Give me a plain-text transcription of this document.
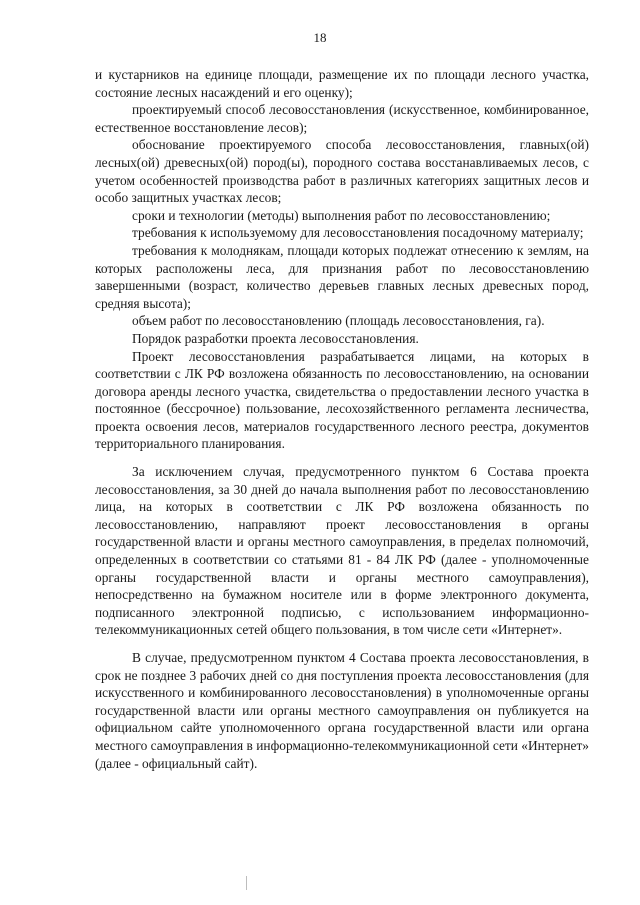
18

и кустарников на единице площади, размещение их по площади лесного участка, состояние лесных насаждений и его оценку);

проектируемый способ лесовосстановления (искусственное, комбинированное, естественное восстановление лесов);

обоснование проектируемого способа лесовосстановления, главных(ой) лесных(ой) древесных(ой) пород(ы), породного состава восстанавливаемых лесов, с учетом особенностей производства работ в различных категориях защитных лесов и особо защитных участках лесов;

сроки и технологии (методы) выполнения работ по лесовосстановлению;

требования к используемому для лесовосстановления посадочному материалу;

требования к молоднякам, площади которых подлежат отнесению к землям, на которых расположены леса, для признания работ по лесовосстановлению завершенными (возраст, количество деревьев главных лесных древесных пород, средняя высота);

объем работ по лесовосстановлению (площадь лесовосстановления, га).

Порядок разработки проекта лесовосстановления.

Проект лесовосстановления разрабатывается лицами, на которых в соответствии с ЛК РФ возложена обязанность по лесовосстановлению, на основании договора аренды лесного участка, свидетельства о предоставлении лесного участка в постоянное (бессрочное) пользование, лесохозяйственного регламента лесничества, проекта освоения лесов, материалов государственного лесного реестра, документов территориального планирования.

За исключением случая, предусмотренного пунктом 6 Состава проекта лесовосстановления, за 30 дней до начала выполнения работ по лесовосстановлению лица, на которых в соответствии с ЛК РФ возложена обязанность по лесовосстановлению, направляют проект лесовосстановления в органы государственной власти и органы местного самоуправления, в пределах полномочий, определенных в соответствии со статьями 81 - 84 ЛК РФ (далее - уполномоченные органы государственной власти и органы местного самоуправления), непосредственно на бумажном носителе или в форме электронного документа, подписанного электронной подписью, с использованием информационно-телекоммуникационных сетей общего пользования, в том числе сети «Интернет».

В случае, предусмотренном пунктом 4 Состава проекта лесовосстановления, в срок не позднее 3 рабочих дней со дня поступления проекта лесовосстановления (для искусственного и комбинированного лесовосстановления) в уполномоченные органы государственной власти или органы местного самоуправления он публикуется на официальном сайте уполномоченного органа государственной власти или органа местного самоуправления в информационно-телекоммуникационной сети «Интернет» (далее - официальный сайт).
